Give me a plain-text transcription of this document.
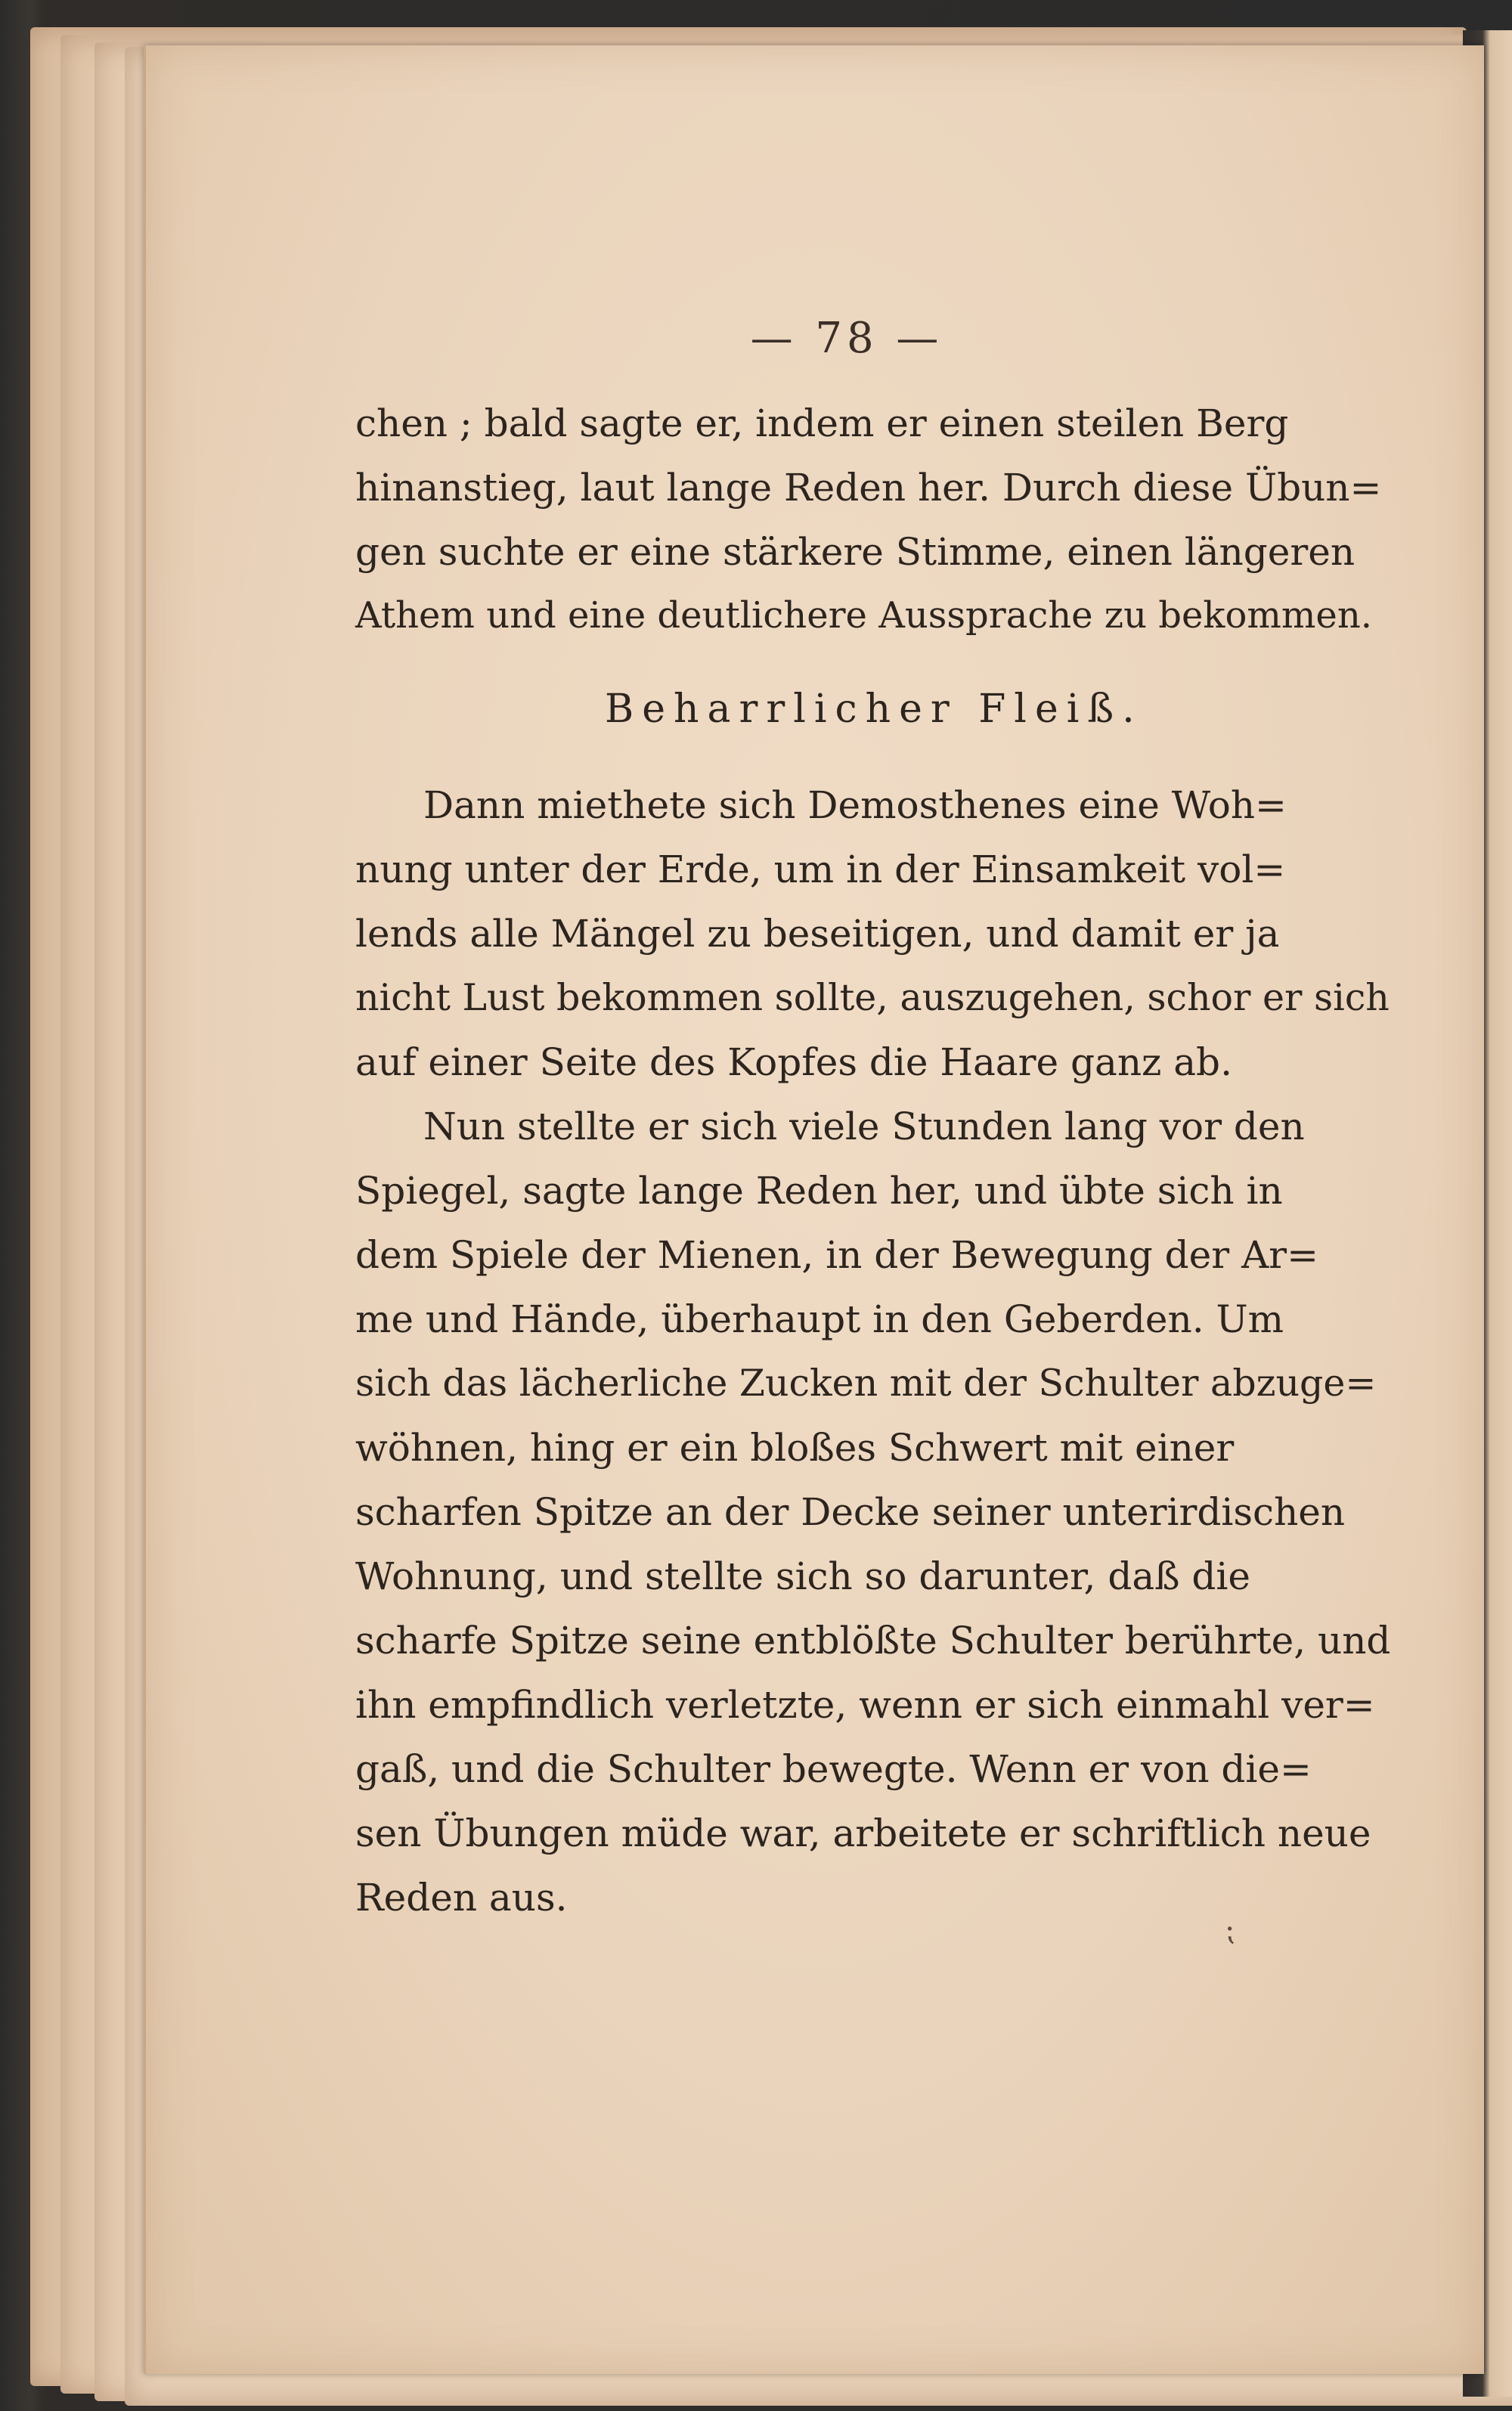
— 78 —
chen ; bald sagte er, indem er einen steilen Berg
hinanstieg, laut lange Reden her. Durch diese Übun=
gen suchte er eine stärkere Stimme, einen längeren
Athem und eine deutlichere Aussprache zu bekommen.
Beharrlicher Fleiß.
Dann miethete sich Demosthenes eine Woh=
nung unter der Erde, um in der Einsamkeit vol=
lends alle Mängel zu beseitigen, und damit er ja
nicht Lust bekommen sollte, auszugehen, schor er sich
auf einer Seite des Kopfes die Haare ganz ab.
Nun stellte er sich viele Stunden lang vor den
Spiegel, sagte lange Reden her, und übte sich in
dem Spiele der Mienen, in der Bewegung der Ar=
me und Hände, überhaupt in den Geberden. Um
sich das lächerliche Zucken mit der Schulter abzuge=
wöhnen, hing er ein bloßes Schwert mit einer
scharfen Spitze an der Decke seiner unterirdischen
Wohnung, und stellte sich so darunter, daß die
scharfe Spitze seine entblößte Schulter berührte, und
ihn empfindlich verletzte, wenn er sich einmahl ver=
gaß, und die Schulter bewegte. Wenn er von die=
sen Übungen müde war, arbeitete er schriftlich neue
Reden aus.
⁏
